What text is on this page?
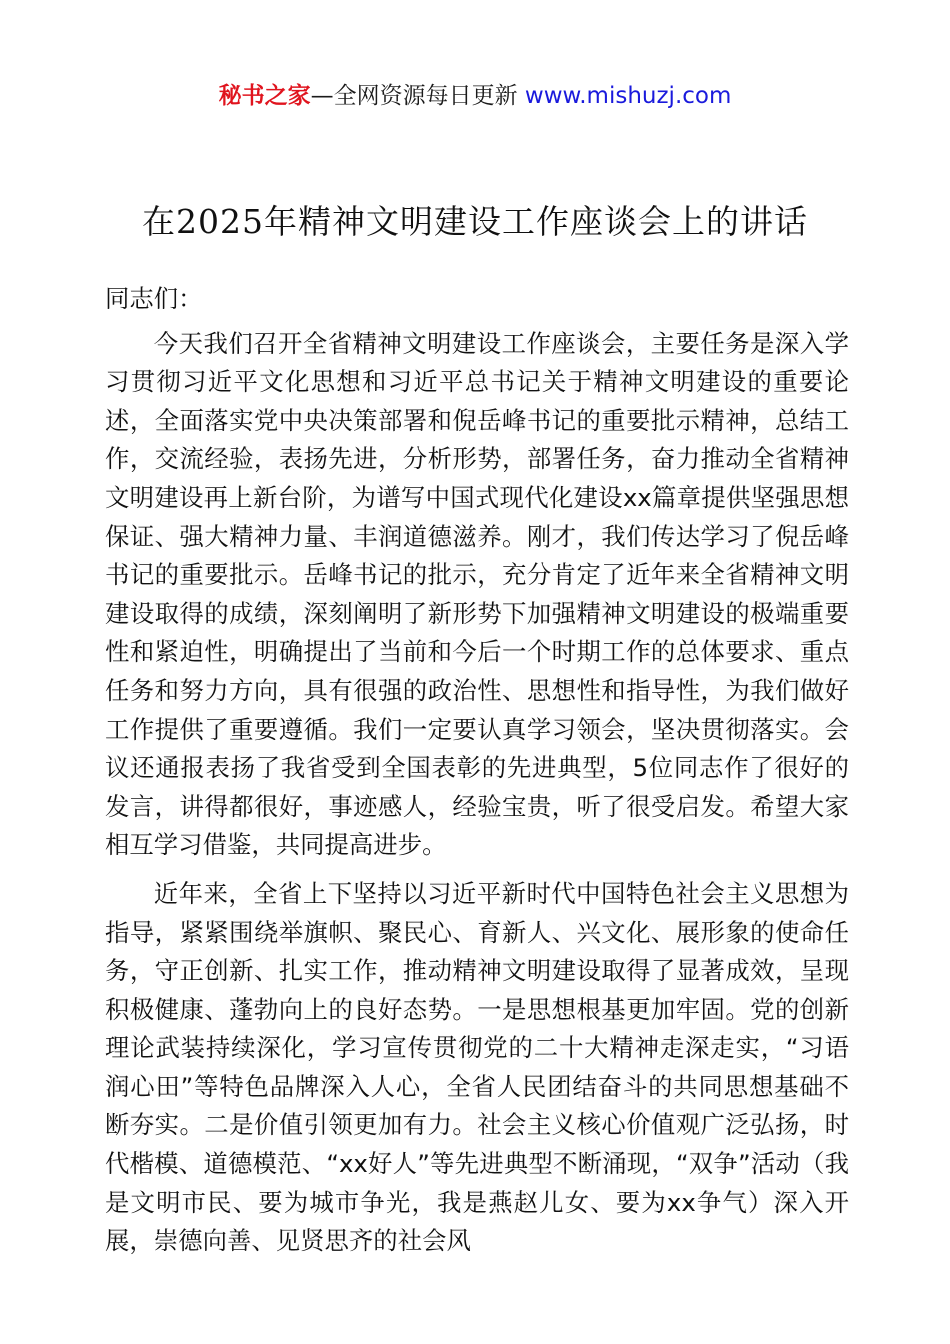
秘书之家—全网资源每日更新 www.mishuzj.com
在2025年精神文明建设工作座谈会上的讲话

同志们：

今天我们召开全省精神文明建设工作座谈会，主要任务是深入学习贯彻习近平文化思想和习近平总书记关于精神文明建设的重要论述，全面落实党中央决策部署和倪岳峰书记的重要批示精神，总结工作，交流经验，表扬先进，分析形势，部署任务，奋力推动全省精神文明建设再上新台阶，为谱写中国式现代化建设xx篇章提供坚强思想保证、强大精神力量、丰润道德滋养。刚才，我们传达学习了倪岳峰书记的重要批示。岳峰书记的批示，充分肯定了近年来全省精神文明建设取得的成绩，深刻阐明了新形势下加强精神文明建设的极端重要性和紧迫性，明确提出了当前和今后一个时期工作的总体要求、重点任务和努力方向，具有很强的政治性、思想性和指导性，为我们做好工作提供了重要遵循。我们一定要认真学习领会，坚决贯彻落实。会议还通报表扬了我省受到全国表彰的先进典型，5位同志作了很好的发言，讲得都很好，事迹感人，经验宝贵，听了很受启发。希望大家相互学习借鉴，共同提高进步。

近年来，全省上下坚持以习近平新时代中国特色社会主义思想为指导，紧紧围绕举旗帜、聚民心、育新人、兴文化、展形象的使命任务，守正创新、扎实工作，推动精神文明建设取得了显著成效，呈现积极健康、蓬勃向上的良好态势。一是思想根基更加牢固。党的创新理论武装持续深化，学习宣传贯彻党的二十大精神走深走实，“习语润心田”等特色品牌深入人心，全省人民团结奋斗的共同思想基础不断夯实。二是价值引领更加有力。社会主义核心价值观广泛弘扬，时代楷模、道德模范、“xx好人”等先进典型不断涌现，“双争”活动（我是文明市民、要为城市争光，我是燕赵儿女、要为xx争气）深入开展，崇德向善、见贤思齐的社会风
